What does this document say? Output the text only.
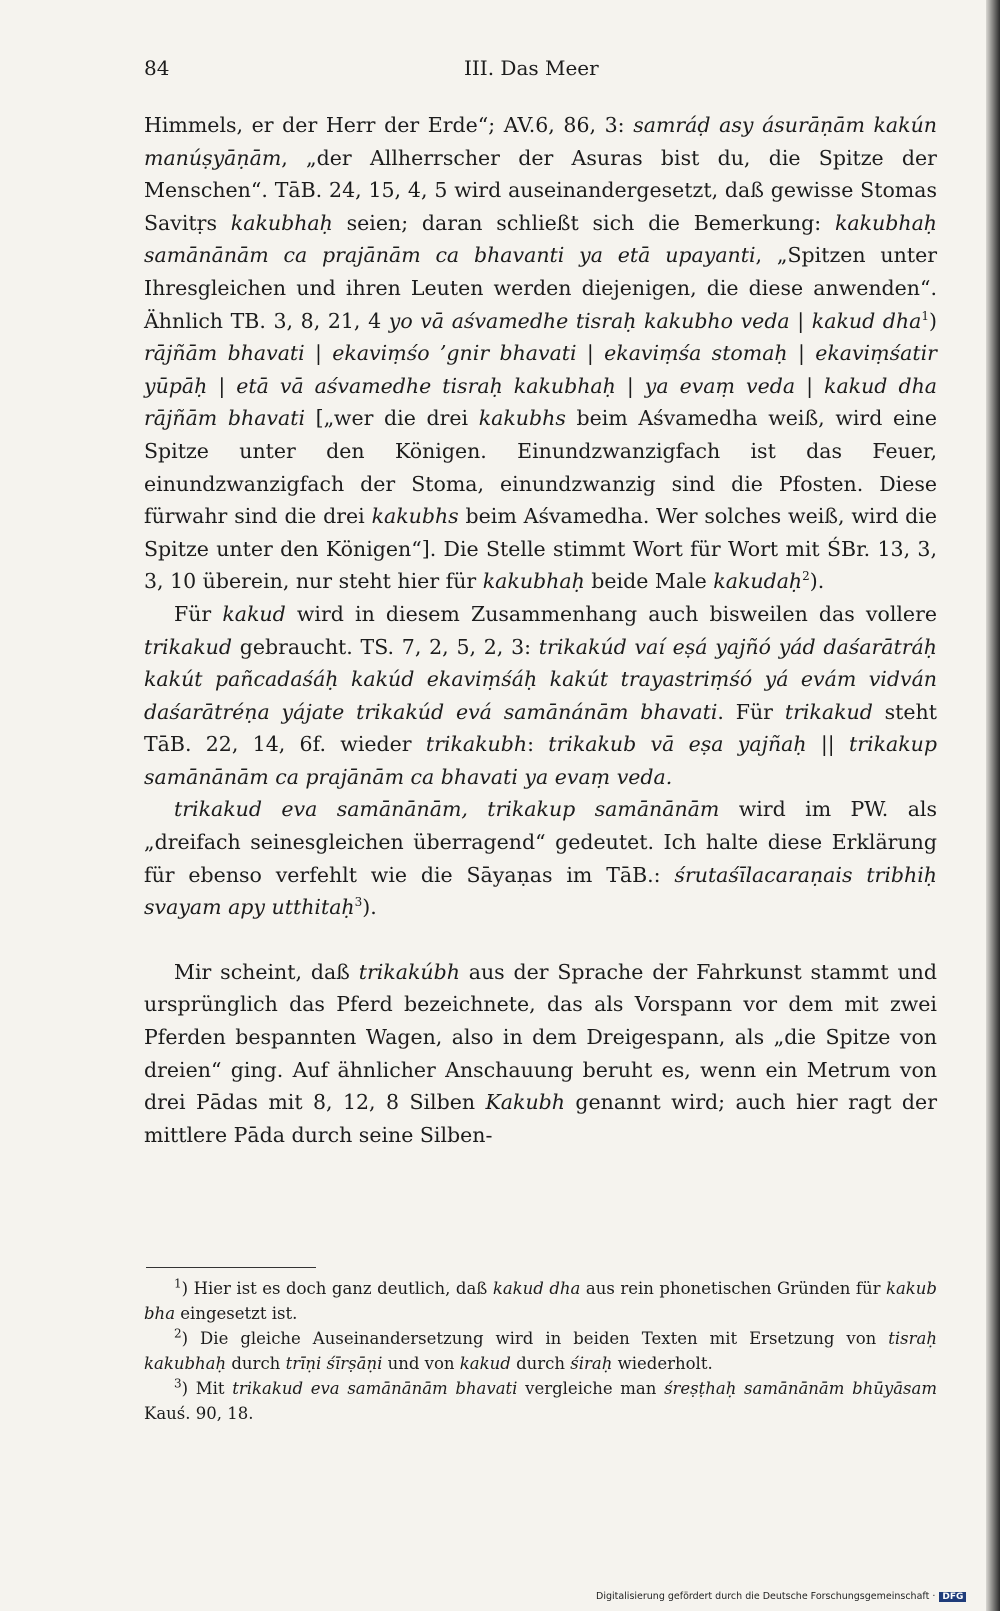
84	III. Das Meer

Himmels, er der Herr der Erde“; AV.6, 86, 3: samráḍ asy ásurāṇām kakún manúṣyāṇām, „der Allherrscher der Asuras bist du, die Spitze der Menschen“. TāB. 24, 15, 4, 5 wird auseinandergesetzt, daß gewisse Stomas Savitṛs kakubhaḥ seien; daran schließt sich die Bemerkung: kakubhaḥ samānānām ca prajānām ca bhavanti ya etā upayanti, „Spitzen unter Ihresgleichen und ihren Leuten werden diejenigen, die diese anwenden“. Ähnlich TB. 3, 8, 21, 4 yo vā aśvamedhe tisraḥ kakubho veda | kakud dha$^1$) rājñām bhavati | ekaviṃśo ’gnir bhavati | ekaviṃśa stomaḥ | ekaviṃśatir yūpāḥ | etā vā aśvamedhe tisraḥ kakubhaḥ | ya evaṃ veda | kakud dha rājñām bhavati [„wer die drei kakubhs beim Aśvamedha weiß, wird eine Spitze unter den Königen. Einundzwanzigfach ist das Feuer, einundzwanzigfach der Stoma, einundzwanzig sind die Pfosten. Diese fürwahr sind die drei kakubhs beim Aśvamedha. Wer solches weiß, wird die Spitze unter den Königen“]. Die Stelle stimmt Wort für Wort mit ŚBr. 13, 3, 3, 10 überein, nur steht hier für kakubhaḥ beide Male kakudaḥ$^2$).

Für kakud wird in diesem Zusammenhang auch bisweilen das vollere trikakud gebraucht. TS. 7, 2, 5, 2, 3: trikakúd vaí eṣá yajñó yád daśarātráḥ kakút pañcadaśáḥ kakúd ekaviṃśáḥ kakút trayastriṃśó yá evám vidván daśarātréṇa yájate trikakúd evá samānánām bhavati. Für trikakud steht TāB. 22, 14, 6f. wieder trikakubh: trikakub vā eṣa yajñaḥ || trikakup samānānām ca prajānām ca bhavati ya evaṃ veda.

trikakud eva samānānām, trikakup samānānām wird im PW. als „dreifach seinesgleichen überragend“ gedeutet. Ich halte diese Erklärung für ebenso verfehlt wie die Sāyaṇas im TāB.: śrutaśīlacaraṇais tribhiḥ svayam apy utthitaḥ$^3$).

Mir scheint, daß trikakúbh aus der Sprache der Fahrkunst stammt und ursprünglich das Pferd bezeichnete, das als Vorspann vor dem mit zwei Pferden bespannten Wagen, also in dem Dreigespann, als „die Spitze von dreien“ ging. Auf ähnlicher Anschauung beruht es, wenn ein Metrum von drei Pādas mit 8, 12, 8 Silben Kakubh genannt wird; auch hier ragt der mittlere Pāda durch seine Silben-

$^1$) Hier ist es doch ganz deutlich, daß kakud dha aus rein phonetischen Gründen für kakub bha eingesetzt ist.

$^2$) Die gleiche Auseinandersetzung wird in beiden Texten mit Ersetzung von tisraḥ kakubhaḥ durch trīṇi śīrṣāṇi und von kakud durch śiraḥ wiederholt.

$^3$) Mit trikakud eva samānānām bhavati vergleiche man śreṣṭhaḥ samānānām bhūyāsam Kauś. 90, 18.

Digitalisierung gefördert durch die Deutsche Forschungsgemeinschaft · DFG
